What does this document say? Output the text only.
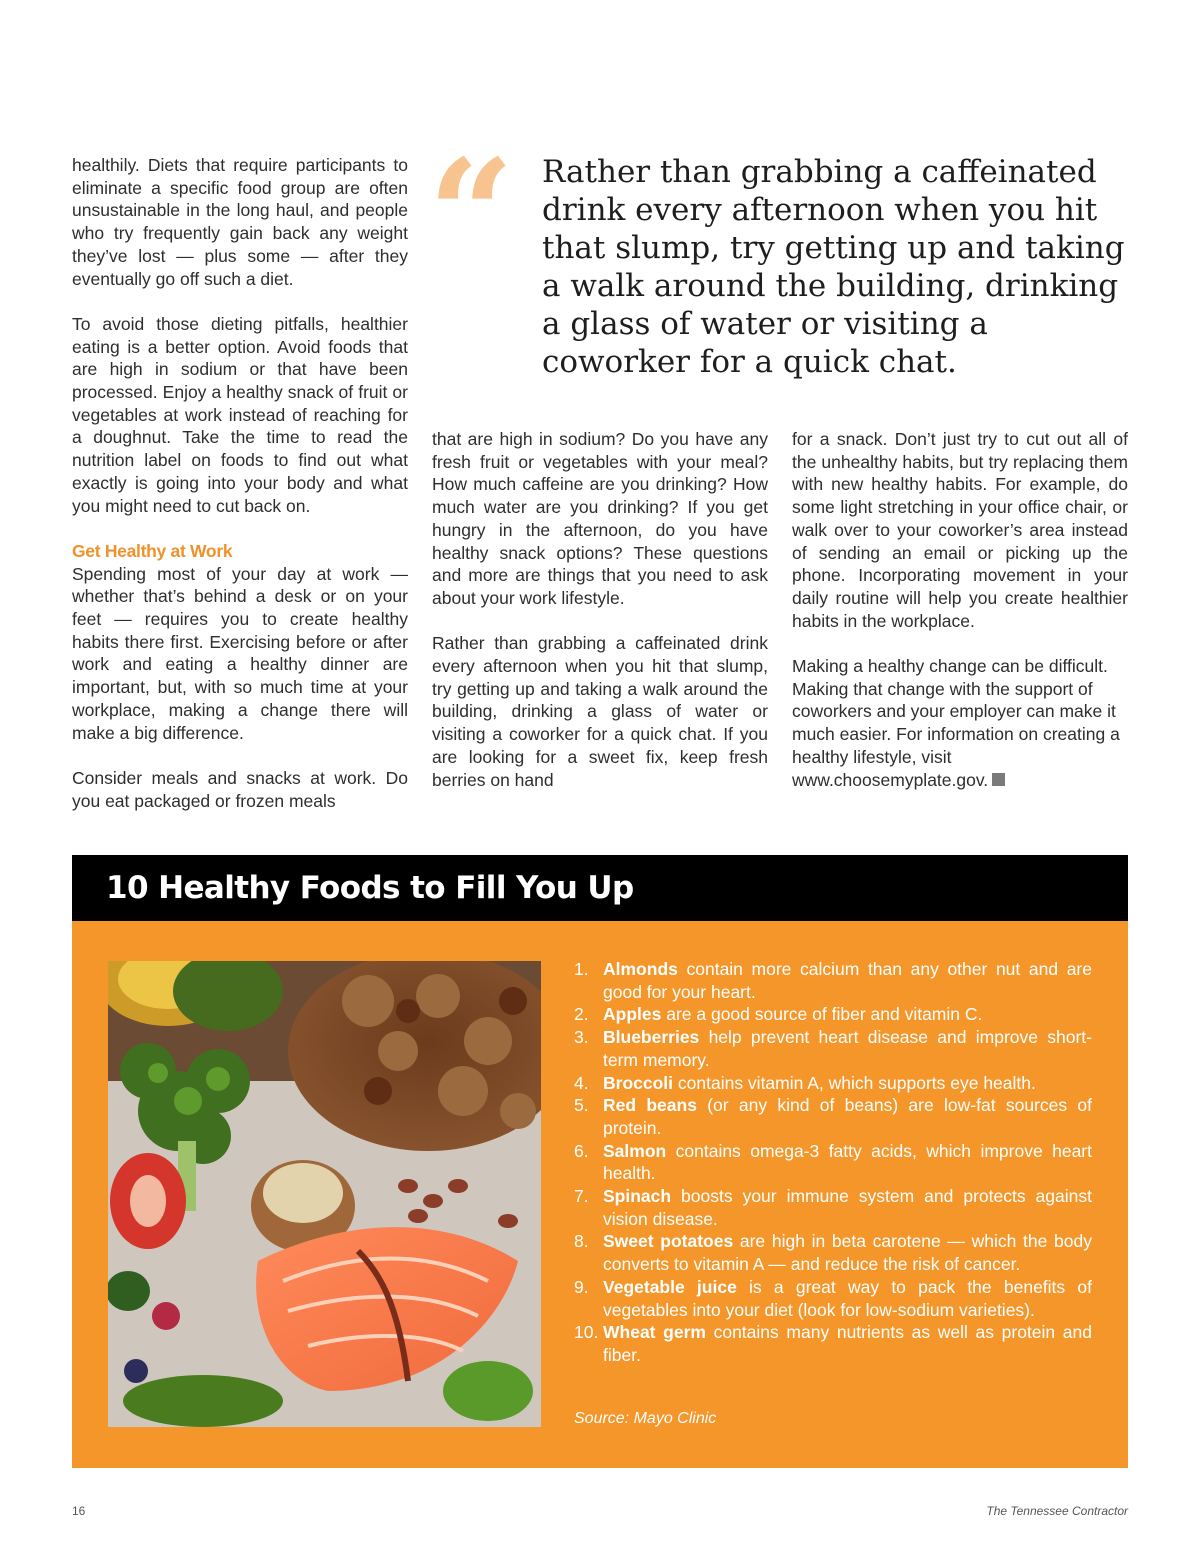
healthily. Diets that require participants to eliminate a specific food group are often unsustainable in the long haul, and people who try frequently gain back any weight they’ve lost — plus some — after they eventually go off such a diet.

To avoid those dieting pitfalls, healthier eating is a better option. Avoid foods that are high in sodium or that have been processed. Enjoy a healthy snack of fruit or vegetables at work instead of reaching for a doughnut. Take the time to read the nutrition label on foods to find out what exactly is going into your body and what you might need to cut back on.

Get Healthy at Work

Spending most of your day at work — whether that’s behind a desk or on your feet — requires you to create healthy habits there first. Exercising before or after work and eating a healthy dinner are important, but, with so much time at your workplace, making a change there will make a big difference.

Consider meals and snacks at work. Do you eat packaged or frozen meals

“ Rather than grabbing a caffeinated drink every afternoon when you hit that slump, try getting up and taking a walk around the building, drinking a glass of water or visiting a coworker for a quick chat.

that are high in sodium? Do you have any fresh fruit or vegetables with your meal? How much caffeine are you drinking? How much water are you drinking? If you get hungry in the afternoon, do you have healthy snack options? These questions and more are things that you need to ask about your work lifestyle.

Rather than grabbing a caffeinated drink every afternoon when you hit that slump, try getting up and taking a walk around the building, drinking a glass of water or visiting a coworker for a quick chat. If you are looking for a sweet fix, keep fresh berries on hand

for a snack. Don’t just try to cut out all of the unhealthy habits, but try replacing them with new healthy habits. For example, do some light stretching in your office chair, or walk over to your coworker’s area instead of sending an email or picking up the phone. Incorporating movement in your daily routine will help you create healthier habits in the workplace.

Making a healthy change can be difficult. Making that change with the support of coworkers and your employer can make it much easier. For information on creating a healthy lifestyle, visit www.choosemyplate.gov.

10 Healthy Foods to Fill You Up
1. Almonds contain more calcium than any other nut and are good for your heart.
2. Apples are a good source of fiber and vitamin C.
3. Blueberries help prevent heart disease and improve short-term memory.
4. Broccoli contains vitamin A, which supports eye health.
5. Red beans (or any kind of beans) are low-fat sources of protein.
6. Salmon contains omega-3 fatty acids, which improve heart health.
7. Spinach boosts your immune system and protects against vision disease.
8. Sweet potatoes are high in beta carotene — which the body converts to vitamin A — and reduce the risk of cancer.
9. Vegetable juice is a great way to pack the benefits of vegetables into your diet (look for low-sodium varieties).
10. Wheat germ contains many nutrients as well as protein and fiber.
Source: Mayo Clinic
16	The Tennessee Contractor
